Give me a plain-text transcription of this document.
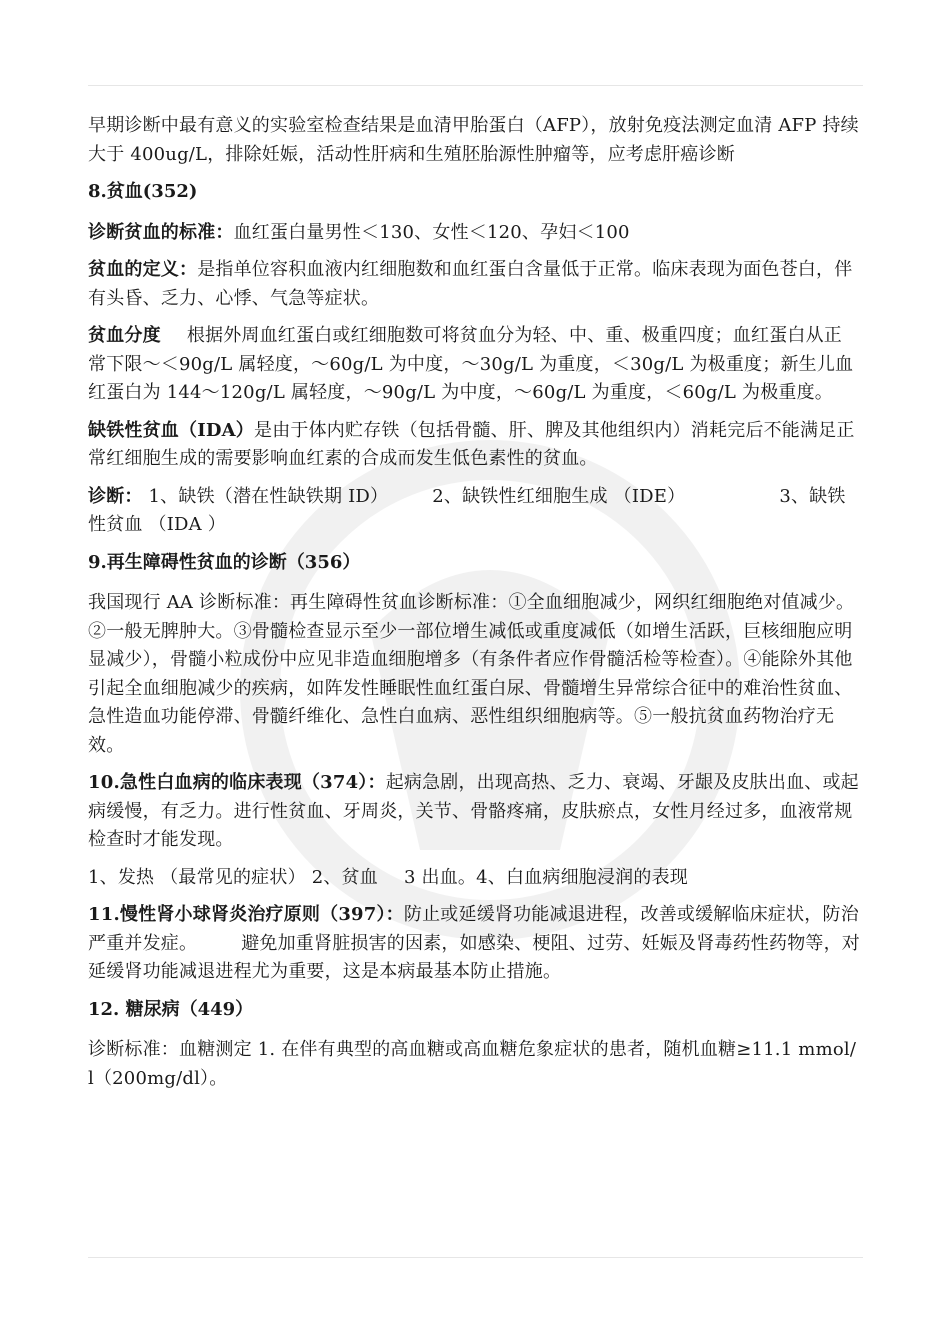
早期诊断中最有意义的实验室检查结果是血清甲胎蛋白（AFP），放射免疫法测定血清 AFP 持续大于 400ug/L，排除妊娠，活动性肝病和生殖胚胎源性肿瘤等，应考虑肝癌诊断

8.贫血(352)

诊断贫血的标准：血红蛋白量男性＜130、女性＜120、孕妇＜100

贫血的定义：是指单位容积血液内红细胞数和血红蛋白含量低于正常。临床表现为面色苍白，伴有头昏、乏力、心悸、气急等症状。

贫血分度 根据外周血红蛋白或红细胞数可将贫血分为轻、中、重、极重四度；血红蛋白从正常下限～＜90g/L 属轻度，～60g/L 为中度，～30g/L 为重度，＜30g/L 为极重度；新生儿血红蛋白为 144～120g/L 属轻度，～90g/L 为中度，～60g/L 为重度，＜60g/L 为极重度。

缺铁性贫血（IDA）是由于体内贮存铁（包括骨髓、肝、脾及其他组织内）消耗完后不能满足正常红细胞生成的需要影响血红素的合成而发生低色素性的贫血。

诊断： 1、缺铁（潜在性缺铁期 ID） 2、缺铁性红细胞生成 （IDE）	3、缺铁性贫血 （IDA ）

9.再生障碍性贫血的诊断（356）

我国现行 AA 诊断标准：再生障碍性贫血诊断标准：①全血细胞减少，网织红细胞绝对值减少。②一般无脾肿大。③骨髓检查显示至少一部位增生减低或重度减低（如增生活跃，巨核细胞应明显减少），骨髓小粒成份中应见非造血细胞增多（有条件者应作骨髓活检等检查）。④能除外其他引起全血细胞减少的疾病，如阵发性睡眠性血红蛋白尿、骨髓增生异常综合征中的难治性贫血、急性造血功能停滞、骨髓纤维化、急性白血病、恶性组织细胞病等。⑤一般抗贫血药物治疗无效。

10.急性白血病的临床表现（374）：起病急剧，出现高热、乏力、衰竭、牙龈及皮肤出血、或起病缓慢，有乏力。进行性贫血、牙周炎，关节、骨骼疼痛，皮肤瘀点，女性月经过多，血液常规检查时才能发现。

1、发热 （最常见的症状） 2、贫血 3 出血。4、白血病细胞浸润的表现

11.慢性肾小球肾炎治疗原则（397）：防止或延缓肾功能减退进程，改善或缓解临床症状，防治严重并发症。 避免加重肾脏损害的因素，如感染、梗阻、过劳、妊娠及肾毒药性药物等，对延缓肾功能减退进程尤为重要，这是本病最基本防止措施。

12. 糖尿病（449）

诊断标准：血糖测定 1. 在伴有典型的高血糖或高血糖危象症状的患者，随机血糖≥11.1 mmol/l（200mg/dl）。
